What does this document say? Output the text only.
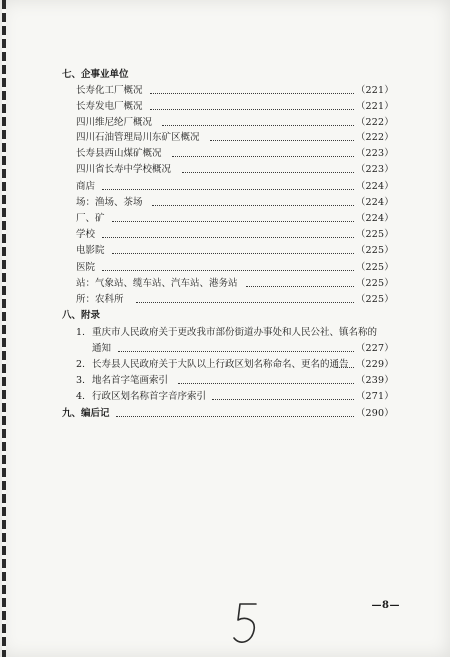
七、企事业单位
长寿化工厂概况	（221）
长寿发电厂概况	（221）
四川维尼纶厂概况	（222）
四川石油管理局川东矿区概况	（222）
长寿县西山煤矿概况	（223）
四川省长寿中学校概况	（223）
商店	（224）
场：渔场、茶场	（224）
厂、矿	（224）
学校	（225）
电影院	（225）
医院	（225）
站：气象站、缆车站、汽车站、港务站	（225）
所：农科所	（225）
八、附录
1. 重庆市人民政府关于更改我市部份街道办事处和人民公社、镇名称的
通知	（227）
2. 长寿县人民政府关于大队以上行政区划名称命名、更名的通告 （229）
3. 地名首字笔画索引	（239）
4. 行政区划名称首字音序索引	（271）
九、编后记	（290）
—8—
